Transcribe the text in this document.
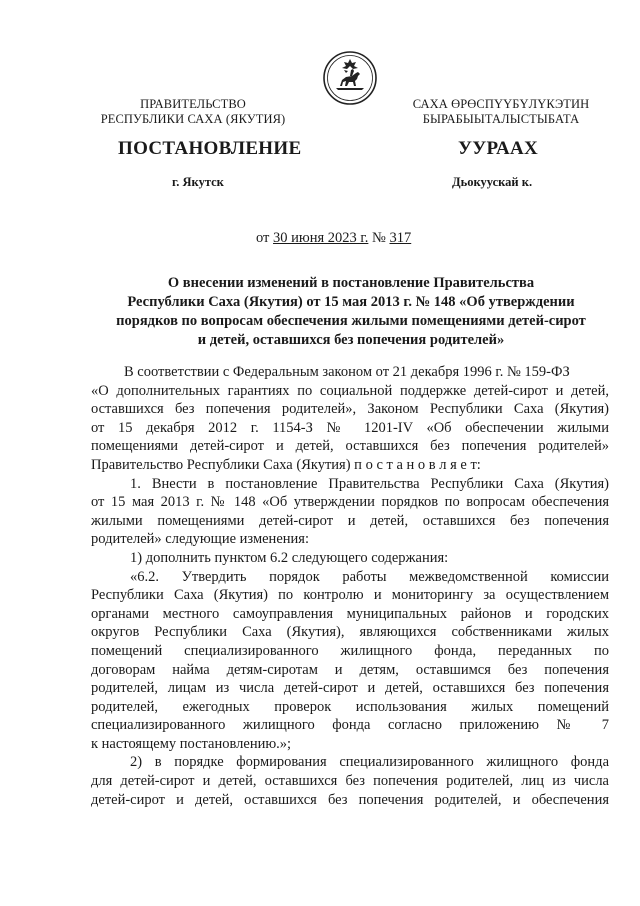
ПРАВИТЕЛЬСТВО
РЕСПУБЛИКИ САХА (ЯКУТИЯ)
САХА ӨРӨСПҮҮБҮЛҮКЭТИН
БЫРАБЫЫТАЛЫСТЫБАТА
ПОСТАНОВЛЕНИЕ	УУРААХ
г. Якутск	Дьокуускай к.
от 30 июня 2023 г. № 317
О внесении изменений в постановление Правительства
Республики Саха (Якутия) от 15 мая 2013 г. № 148 «Об утверждении
порядков по вопросам обеспечения жилыми помещениями детей-сирот
и детей, оставшихся без попечения родителей»
В соответствии с Федеральным законом от 21 декабря 1996 г. № 159-ФЗ
«О дополнительных гарантиях по социальной поддержке детей-сирот и детей,
оставшихся без попечения родителей», Законом Республики Саха (Якутия)
от 15 декабря 2012 г. 1154-З № 1201-IV «Об обеспечении жилыми
помещениями детей-сирот и детей, оставшихся без попечения родителей»
Правительство Республики Саха (Якутия) п о с т а н о в л я е т:
1. Внести в постановление Правительства Республики Саха (Якутия)
от 15 мая 2013 г. № 148 «Об утверждении порядков по вопросам обеспечения
жилыми помещениями детей-сирот и детей, оставшихся без попечения
родителей» следующие изменения:
1) дополнить пунктом 6.2 следующего содержания:
«6.2. Утвердить порядок работы межведомственной комиссии
Республики Саха (Якутия) по контролю и мониторингу за осуществлением
органами местного самоуправления муниципальных районов и городских
округов Республики Саха (Якутия), являющихся собственниками жилых
помещений специализированного жилищного фонда, переданных по
договорам найма детям-сиротам и детям, оставшимся без попечения
родителей, лицам из числа детей-сирот и детей, оставшихся без попечения
родителей, ежегодных проверок использования жилых помещений
специализированного жилищного фонда согласно приложению № 7
к настоящему постановлению.»;
2) в порядке формирования специализированного жилищного фонда
для детей-сирот и детей, оставшихся без попечения родителей, лиц из числа
детей-сирот и детей, оставшихся без попечения родителей, и обеспечения
